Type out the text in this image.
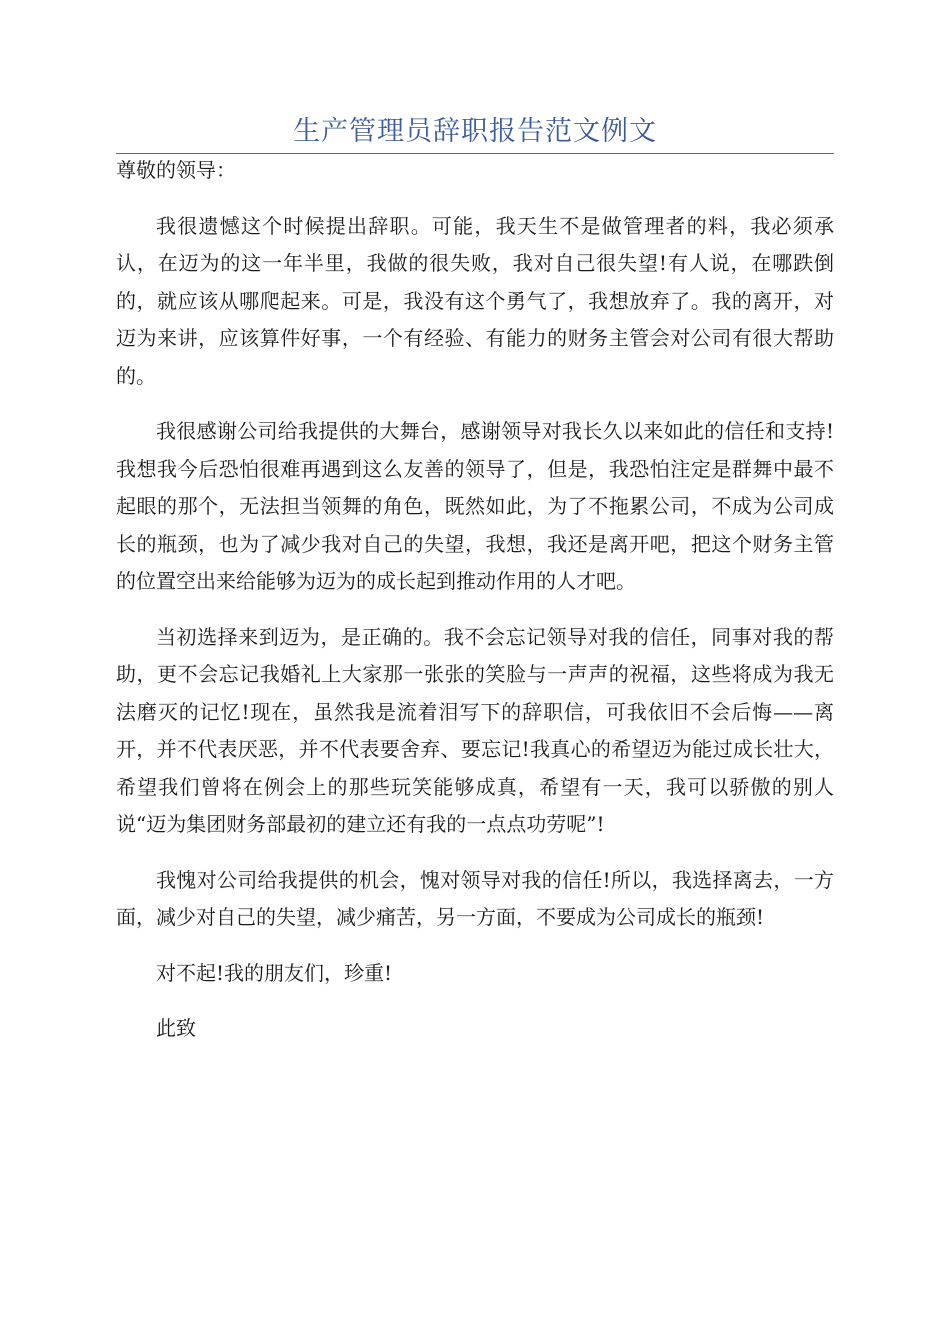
生产管理员辞职报告范文例文

尊敬的领导：

我很遗憾这个时候提出辞职。可能，我天生不是做管理者的料，我必须承认，在迈为的这一年半里，我做的很失败，我对自己很失望!有人说，在哪跌倒的，就应该从哪爬起来。可是，我没有这个勇气了，我想放弃了。我的离开，对迈为来讲，应该算件好事，一个有经验、有能力的财务主管会对公司有很大帮助的。

我很感谢公司给我提供的大舞台，感谢领导对我长久以来如此的信任和支持!我想我今后恐怕很难再遇到这么友善的领导了，但是，我恐怕注定是群舞中最不起眼的那个，无法担当领舞的角色，既然如此，为了不拖累公司，不成为公司成长的瓶颈，也为了减少我对自己的失望，我想，我还是离开吧，把这个财务主管的位置空出来给能够为迈为的成长起到推动作用的人才吧。

当初选择来到迈为，是正确的。我不会忘记领导对我的信任，同事对我的帮助，更不会忘记我婚礼上大家那一张张的笑脸与一声声的祝福，这些将成为我无法磨灭的记忆!现在，虽然我是流着泪写下的辞职信，可我依旧不会后悔——离开，并不代表厌恶，并不代表要舍弃、要忘记!我真心的希望迈为能过成长壮大，希望我们曾将在例会上的那些玩笑能够成真，希望有一天，我可以骄傲的别人说“迈为集团财务部最初的建立还有我的一点点功劳呢”!

我愧对公司给我提供的机会，愧对领导对我的信任!所以，我选择离去，一方面，减少对自己的失望，减少痛苦，另一方面，不要成为公司成长的瓶颈!

对不起!我的朋友们，珍重!

此致
